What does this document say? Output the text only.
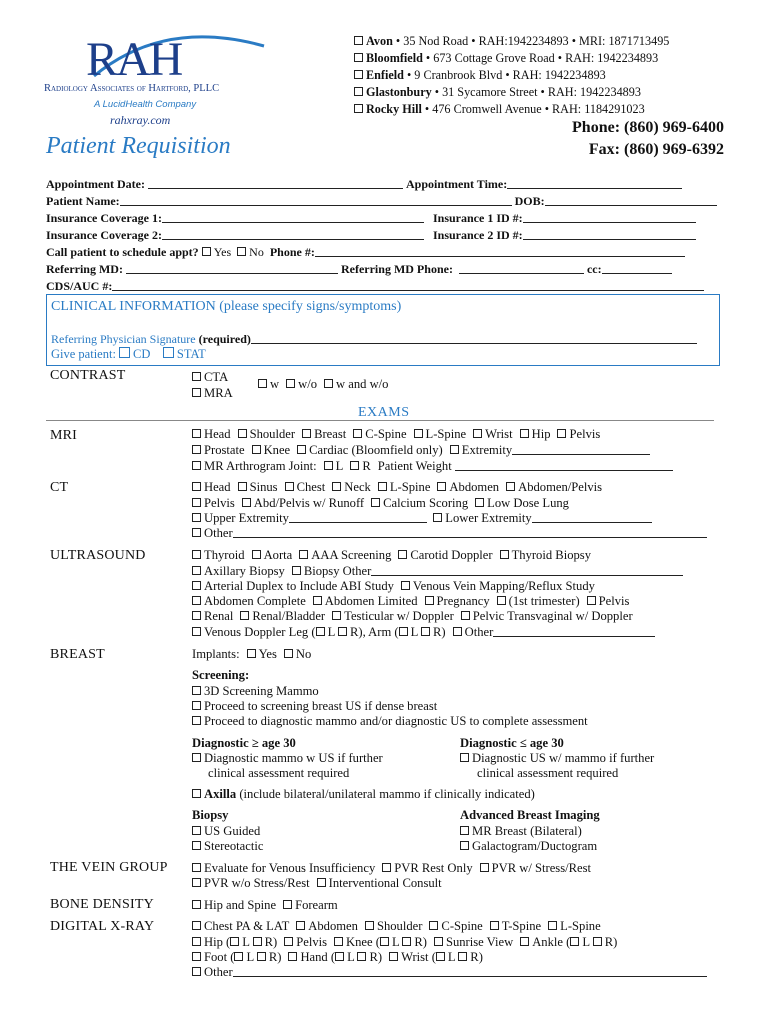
RAH
Radiology Associates of Hartford, PLLC
A LucidHealth Company
rahxray.com
Patient Requisition
Avon • 35 Nod Road • RAH:1942234893 • MRI: 1871713495
Bloomfield • 673 Cottage Grove Road • RAH: 1942234893
Enfield • 9 Cranbrook Blvd • RAH: 1942234893
Glastonbury • 31 Sycamore Street • RAH: 1942234893
Rocky Hill • 476 Cromwell Avenue • RAH: 1184291023
Phone: (860) 969-6400
Fax: (860) 969-6392
Appointment Date:	Appointment Time:
Patient Name:	DOB:
Insurance Coverage 1:	Insurance 1 ID #:
Insurance Coverage 2:	Insurance 2 ID #:
Call patient to schedule appt? Yes No Phone #:
Referring MD:	Referring MD Phone:	cc:
CDS/AUC #:
CLINICAL INFORMATION (please specify signs/symptoms)
Referring Physician Signature (required)
Give patient: CD STAT
CONTRAST	CTA
MRA
w w/o w and w/o
EXAMS
MRI	Head Shoulder Breast C-Spine L-Spine Wrist Hip Pelvis
Prostate Knee Cardiac (Bloomfield only) Extremity
MR Arthrogram Joint: L R Patient Weight
CT	Head Sinus Chest Neck L-Spine Abdomen Abdomen/Pelvis
Pelvis Abd/Pelvis w/ Runoff Calcium Scoring Low Dose Lung
Upper Extremity	Lower Extremity
Other
ULTRASOUND	Thyroid Aorta AAA Screening Carotid Doppler Thyroid Biopsy
Axillary Biopsy Biopsy Other
Arterial Duplex to Include ABI Study Venous Vein Mapping/Reflux Study
Abdomen Complete Abdomen Limited Pregnancy (1st trimester) Pelvis
Renal Renal/Bladder Testicular w/ Doppler Pelvic Transvaginal w/ Doppler
Venous Doppler Leg ( L R), Arm ( L R) Other
BREAST	Implants: Yes No
Screening:
3D Screening Mammo
Proceed to screening breast US if dense breast
Proceed to diagnostic mammo and/or diagnostic US to complete assessment
Diagnostic ≥ age 30
Diagnostic mammo w US if further
clinical assessment required
Diagnostic ≤ age 30
Diagnostic US w/ mammo if further
clinical assessment required
Axilla (include bilateral/unilateral mammo if clinically indicated)
Biopsy
US Guided
Stereotactic
Advanced Breast Imaging
MR Breast (Bilateral)
Galactogram/Ductogram
THE VEIN GROUP	Evaluate for Venous Insufficiency PVR Rest Only PVR w/ Stress/Rest
PVR w/o Stress/Rest Interventional Consult
BONE DENSITY	Hip and Spine Forearm
DIGITAL X-RAY	Chest PA & LAT Abdomen Shoulder C-Spine T-Spine L-Spine
Hip ( L R) Pelvis Knee ( L R) Sunrise View Ankle ( L R)
Foot ( L R) Hand ( L R) Wrist ( L R)
Other
